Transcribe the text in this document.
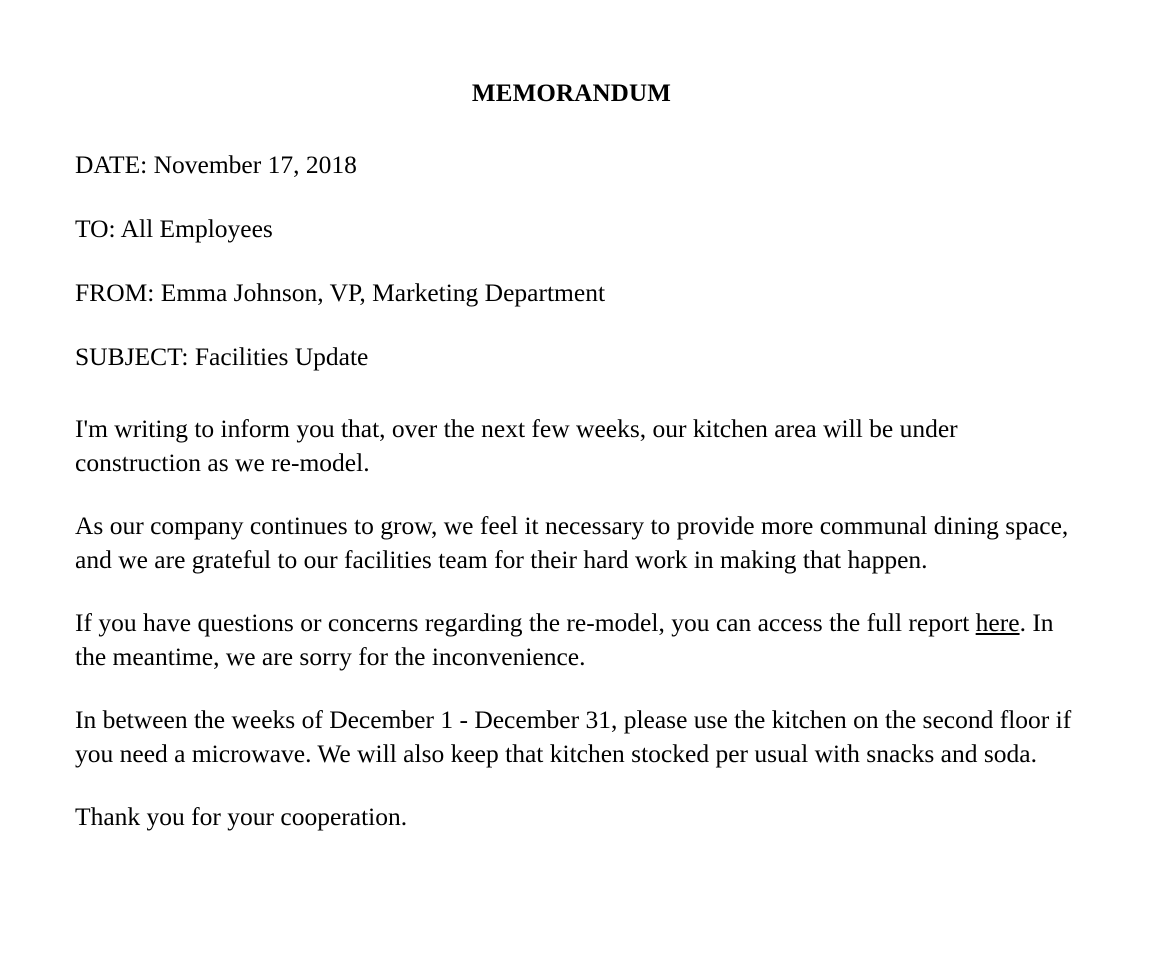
MEMORANDUM

DATE: November 17, 2018

TO: All Employees

FROM: Emma Johnson, VP, Marketing Department

SUBJECT: Facilities Update

I'm writing to inform you that, over the next few weeks, our kitchen area will be under construction as we re-model.

As our company continues to grow, we feel it necessary to provide more communal dining space, and we are grateful to our facilities team for their hard work in making that happen.

If you have questions or concerns regarding the re-model, you can access the full report here. In the meantime, we are sorry for the inconvenience.

In between the weeks of December 1 - December 31, please use the kitchen on the second floor if you need a microwave. We will also keep that kitchen stocked per usual with snacks and soda.

Thank you for your cooperation.
